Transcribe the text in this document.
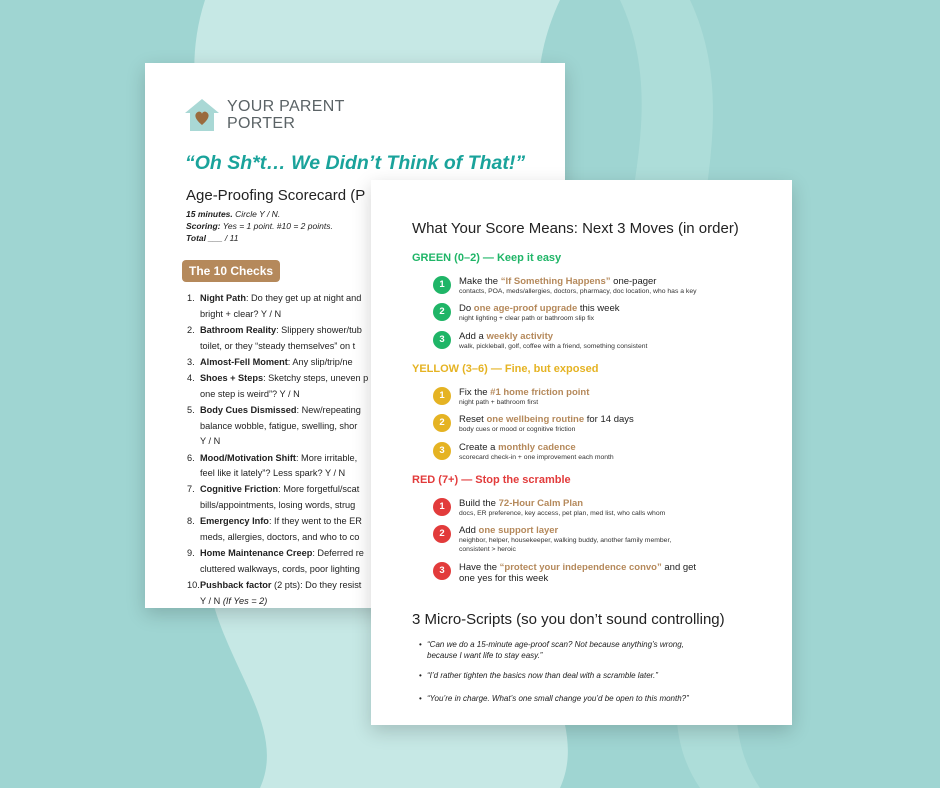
YOUR PARENT
PORTER
“Oh Sh*t… We Didn’t Think of That!”
Age-Proofing Scorecard (P
15 minutes. Circle Y / N.
Scoring: Yes = 1 point. #10 = 2 points.
Total ___ / 11
The 10 Checks
1. Night Path: Do they get up at night and
bright + clear? Y / N
2. Bathroom Reality: Slippery shower/tub
toilet, or they “steady themselves” on t
3. Almost-Fell Moment: Any slip/trip/ne
4. Shoes + Steps: Sketchy steps, uneven p
one step is weird”? Y / N
5. Body Cues Dismissed: New/repeating
balance wobble, fatigue, swelling, shor
Y / N
6. Mood/Motivation Shift: More irritable,
feel like it lately”? Less spark? Y / N
7. Cognitive Friction: More forgetful/scat
bills/appointments, losing words, strug
8. Emergency Info: If they went to the ER
meds, allergies, doctors, and who to co
9. Home Maintenance Creep: Deferred re
cluttered walkways, cords, poor lighting
10. Pushback factor (2 pts): Do they resist
Y / N (If Yes = 2)
What Your Score Means: Next 3 Moves (in order)
GREEN (0–2) — Keep it easy
1	Make the “If Something Happens” one-pager
contacts, POA, meds/allergies, doctors, pharmacy, doc location, who has a key
2	Do one age-proof upgrade this week
night lighting + clear path or bathroom slip fix
3	Add a weekly activity
walk, pickleball, golf, coffee with a friend, something consistent
YELLOW (3–6) — Fine, but exposed
1	Fix the #1 home friction point
night path + bathroom first
2	Reset one wellbeing routine for 14 days
body cues or mood or cognitive friction
3	Create a monthly cadence
scorecard check-in + one improvement each month
RED (7+) — Stop the scramble
1	Build the 72-Hour Calm Plan
docs, ER preference, key access, pet plan, med list, who calls whom
2	Add one support layer
neighbor, helper, housekeeper, walking buddy, another family member,
consistent > heroic
3	Have the “protect your independence convo” and get
one yes for this week
3 Micro-Scripts (so you don’t sound controlling)
• “Can we do a 15-minute age-proof scan? Not because anything’s wrong,
because I want life to stay easy.”
• “I’d rather tighten the basics now than deal with a scramble later.”
• “You’re in charge. What’s one small change you’d be open to this month?”
